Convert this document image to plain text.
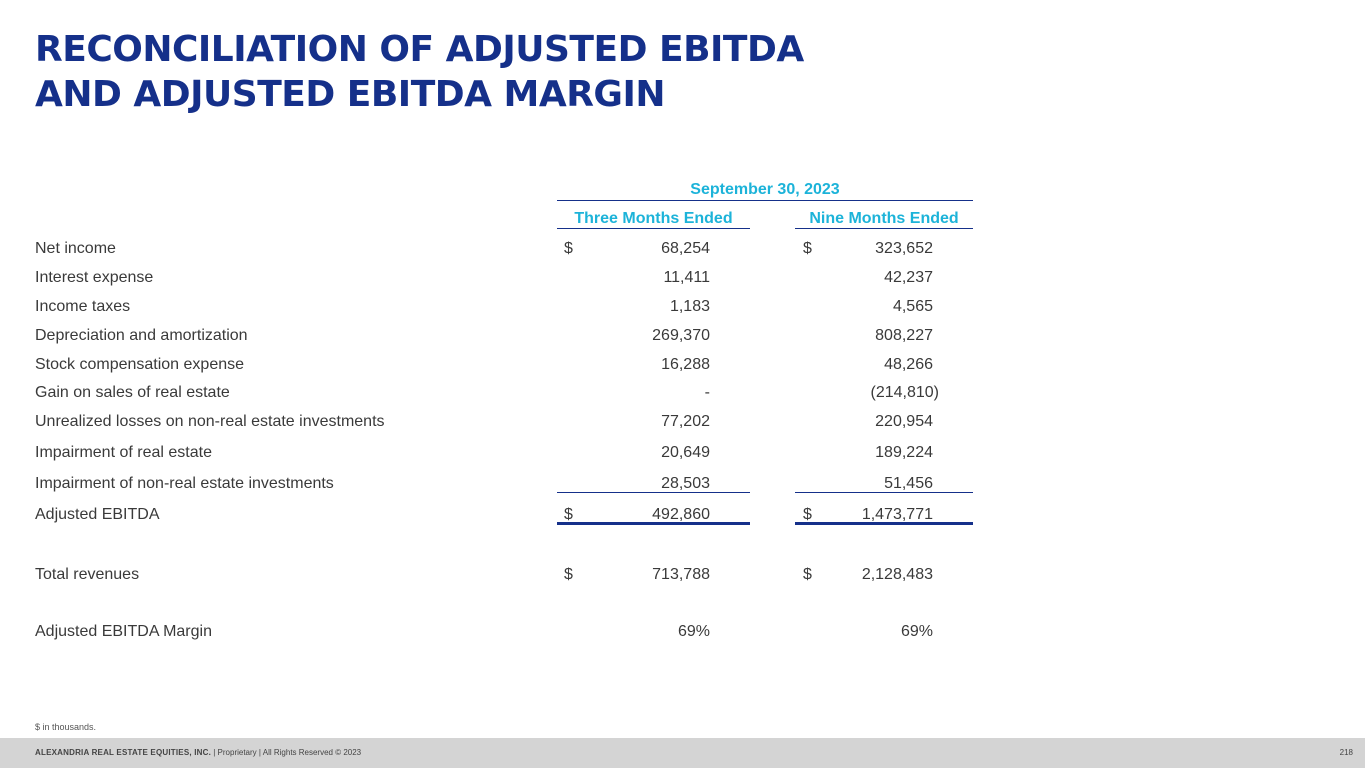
RECONCILIATION OF ADJUSTED EBITDA
AND ADJUSTED EBITDA MARGIN
September 30, 2023
Three Months Ended	Nine Months Ended
Net income	$	68,254	$	323,652
Interest expense	11,411	42,237
Income taxes	1,183	4,565
Depreciation and amortization	269,370	808,227
Stock compensation expense	16,288	48,266
Gain on sales of real estate	-	(214,810)
Unrealized losses on non-real estate investments	77,202	220,954
Impairment of real estate	20,649	189,224
Impairment of non-real estate investments	28,503	51,456
Adjusted EBITDA	$	492,860	$	1,473,771
Total revenues	$	713,788	$	2,128,483
Adjusted EBITDA Margin	69%	69%
$ in thousands.
ALEXANDRIA REAL ESTATE EQUITIES, INC. | Proprietary | All Rights Reserved © 2023	218
